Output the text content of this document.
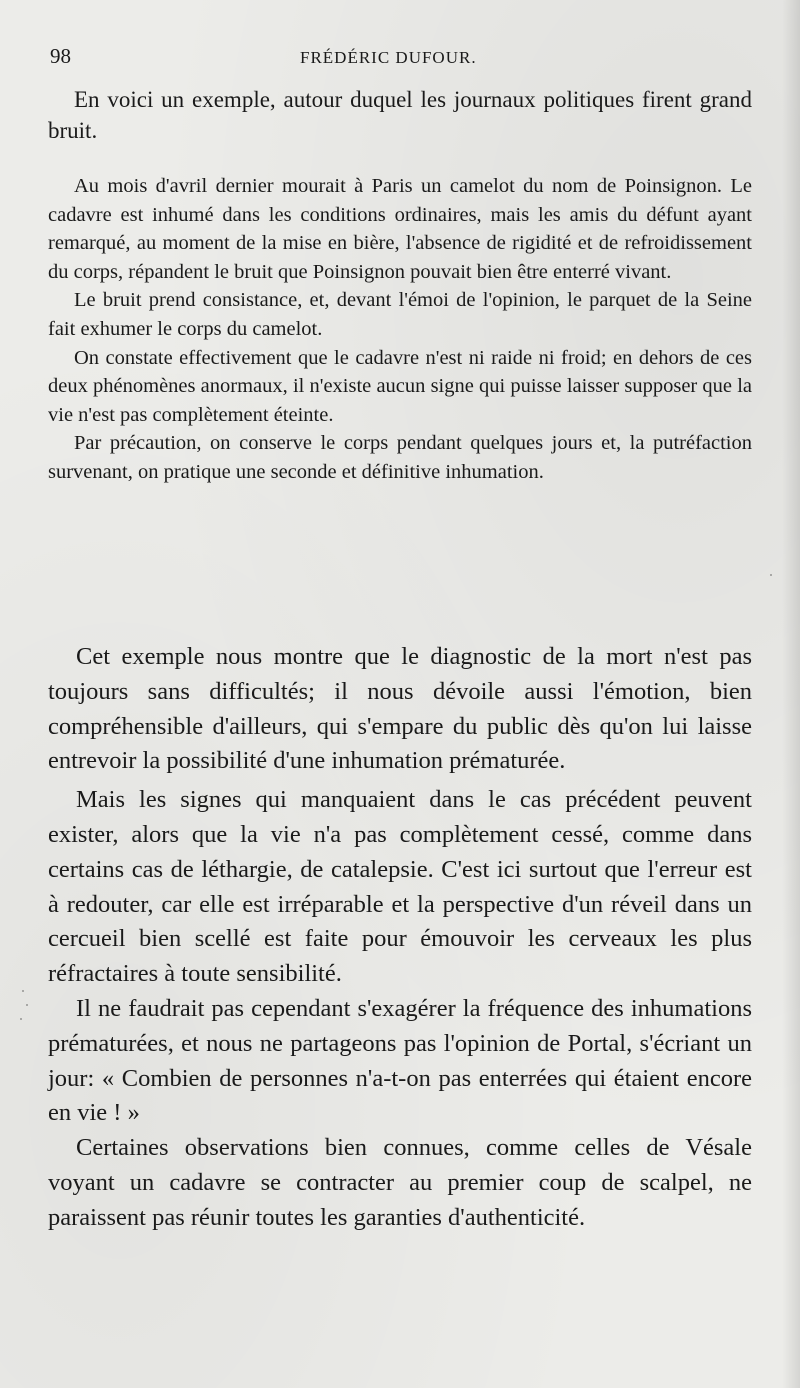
98	FRÉDÉRIC DUFOUR.

En voici un exemple, autour duquel les journaux politiques firent grand bruit.

Au mois d'avril dernier mourait à Paris un camelot du nom de Poinsignon. Le cadavre est inhumé dans les conditions ordinaires, mais les amis du défunt ayant remarqué, au moment de la mise en bière, l'absence de rigidité et de refroidissement du corps, répandent le bruit que Poinsignon pouvait bien être enterré vivant.

Le bruit prend consistance, et, devant l'émoi de l'opinion, le parquet de la Seine fait exhumer le corps du camelot.

On constate effectivement que le cadavre n'est ni raide ni froid; en dehors de ces deux phénomènes anormaux, il n'existe aucun signe qui puisse laisser supposer que la vie n'est pas complètement éteinte.

Par précaution, on conserve le corps pendant quelques jours et, la putréfaction survenant, on pratique une seconde et définitive inhumation.

Cet exemple nous montre que le diagnostic de la mort n'est pas toujours sans difficultés; il nous dévoile aussi l'émotion, bien compréhensible d'ailleurs, qui s'empare du public dès qu'on lui laisse entrevoir la possibilité d'une inhumation prématurée.

Mais les signes qui manquaient dans le cas précédent peuvent exister, alors que la vie n'a pas complètement cessé, comme dans certains cas de léthargie, de catalepsie. C'est ici surtout que l'erreur est à redouter, car elle est irréparable et la perspective d'un réveil dans un cercueil bien scellé est faite pour émouvoir les cerveaux les plus réfractaires à toute sensibilité.

Il ne faudrait pas cependant s'exagérer la fréquence des inhumations prématurées, et nous ne partageons pas l'opinion de Portal, s'écriant un jour: « Combien de personnes n'a-t-on pas enterrées qui étaient encore en vie ! »

Certaines observations bien connues, comme celles de Vésale voyant un cadavre se contracter au premier coup de scalpel, ne paraissent pas réunir toutes les garanties d'authenticité.
